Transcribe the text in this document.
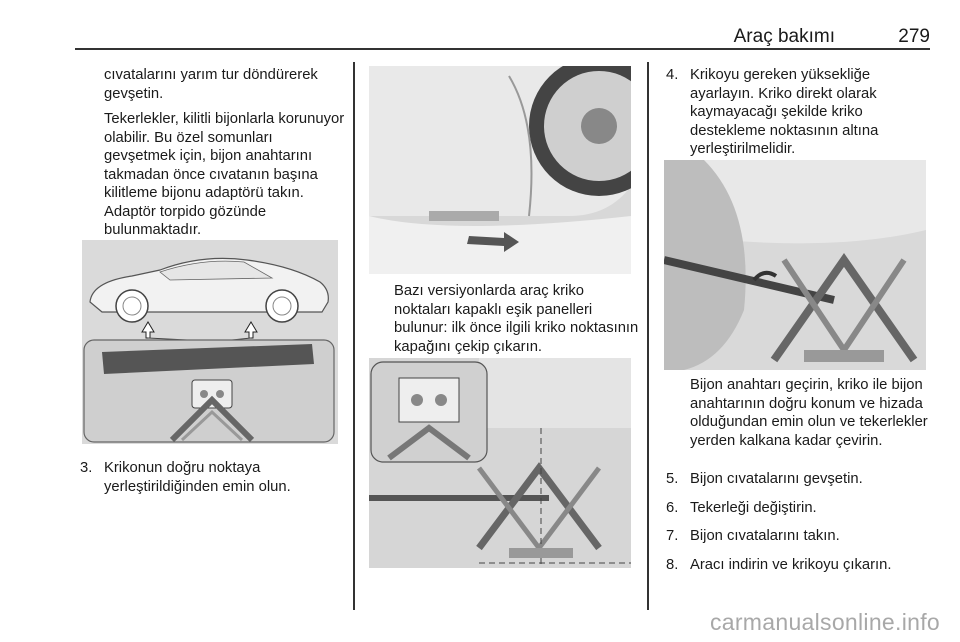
Araç bakımı	279

cıvatalarını yarım tur döndürerek gevşetin.

Tekerlekler, kilitli bijonlarla korunuyor olabilir. Bu özel somunları gevşetmek için, bijon anahtarını takmadan önce cıvatanın başına kilitleme bijonu adaptörü takın. Adaptör torpido gözünde bulunmaktadır.

3. Krikonun doğru noktaya yerleştirildiğinden emin olun.

Bazı versiyonlarda araç kriko noktaları kapaklı eşik panelleri bulunur: ilk önce ilgili kriko noktasının kapağını çekip çıkarın.

4. Krikoyu gereken yüksekliğe ayarlayın. Kriko direkt olarak kaymayacağı şekilde kriko destekleme noktasının altına yerleştirilmelidir.

Bijon anahtarı geçirin, kriko ile bijon anahtarının doğru konum ve hizada olduğundan emin olun ve tekerlekler yerden kalkana kadar çevirin.

5. Bijon cıvatalarını gevşetin.
6. Tekerleği değiştirin.
7. Bijon cıvatalarını takın.
8. Aracı indirin ve krikoyu çıkarın.
carmanualsonline.info
